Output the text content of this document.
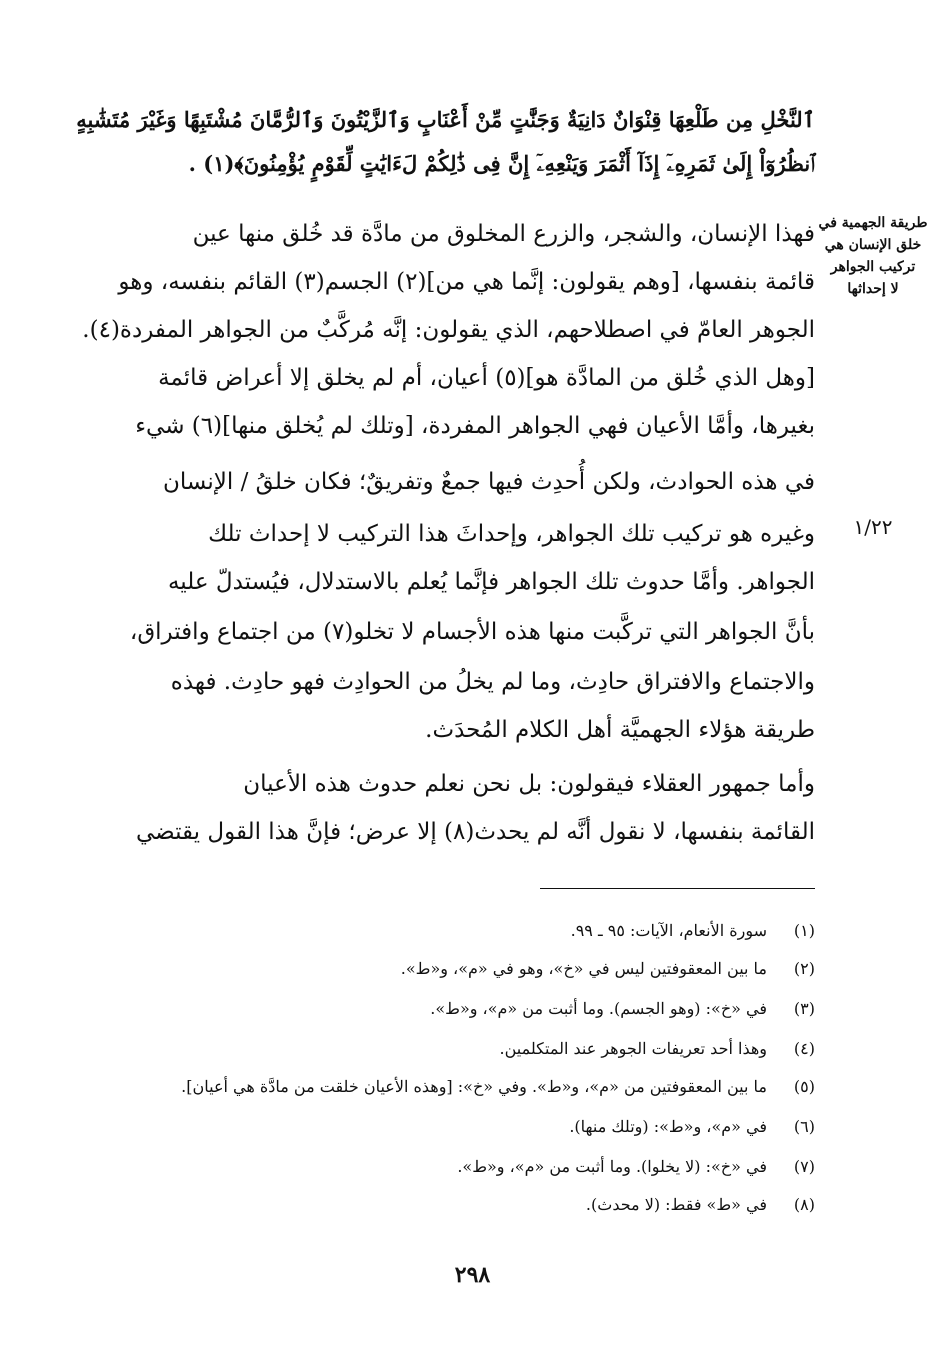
ٱلنَّخْلِ مِن طَلْعِهَا قِنْوَانٌ دَانِيَةٌ وَجَنَّٰتٍ مِّنْ أَعْنَابٍ وَٱلزَّيْتُونَ وَٱلرُّمَّانَ مُشْتَبِهًا وَغَيْرَ مُتَشَٰبِهٍ
ٱنظُرُوٓاْ إِلَىٰ ثَمَرِهِۦٓ إِذَآ أَثْمَرَ وَيَنْعِهِۦٓ إِنَّ فِى ذَٰلِكُمْ لَءَايَٰتٍ لِّقَوْمٍ يُؤْمِنُونَ﴾(١) .
طريقة الجهمية في
خلق الإنسان هي
تركيب الجواهر
لا إحداثها
١/٢٢
فهذا الإنسان، والشجر، والزرع المخلوق من مادَّة قد خُلق منها عين
قائمة بنفسها، [وهم يقولون: إنَّما هي من](٢) الجسم(٣) القائم بنفسه، وهو
الجوهر العامّ في اصطلاحهم، الذي يقولون: إنَّه مُركَّبٌ من الجواهر المفردة(٤).
[وهل الذي خُلق من المادَّة هو](٥) أعيان، أم لم يخلق إلا أعراض قائمة
بغيرها، وأمَّا الأعيان فهي الجواهر المفردة، [وتلك لم يُخلق منها](٦) شيء
في هذه الحوادث، ولكن أُحدِث فيها جمعٌ وتفريقٌ؛ فكان خلقُ / الإنسان
وغيره هو تركيب تلك الجواهر، وإحداثَ هذا التركيب لا إحداث تلك
الجواهر. وأمَّا حدوث تلك الجواهر فإنَّما يُعلم بالاستدلال، فيُستدلّ عليه
بأنَّ الجواهر التي تركَّبت منها هذه الأجسام لا تخلو(٧) من اجتماع وافتراق،
والاجتماع والافتراق حادِث، وما لم يخلُ من الحوادِث فهو حادِث. فهذه
طريقة هؤلاء الجهميَّة أهل الكلام المُحدَث.
وأما جمهور العقلاء فيقولون: بل نحن نعلم حدوث هذه الأعيان
القائمة بنفسها، لا نقول أنَّه لم يحدث(٨) إلا عرض؛ فإنَّ هذا القول يقتضي
(١)سورة الأنعام، الآيات: ٩٥ ـ ٩٩.
(٢)ما بين المعقوفتين ليس في «خ»، وهو في «م»، و«ط».
(٣)في «خ»: (وهو الجسم). وما أثبت من «م»، و«ط».
(٤)وهذا أحد تعريفات الجوهر عند المتكلمين.
(٥)ما بين المعقوفتين من «م»، و«ط». وفي «خ»: [وهذه الأعيان خلقت من مادَّة هي أعيان].
(٦)في «م»، و«ط»: (وتلك منها).
(٧)في «خ»: (لا يخلوا). وما أثبت من «م»، و«ط».
(٨)في «ط» فقط: (لا محدث).
٢٩٨
